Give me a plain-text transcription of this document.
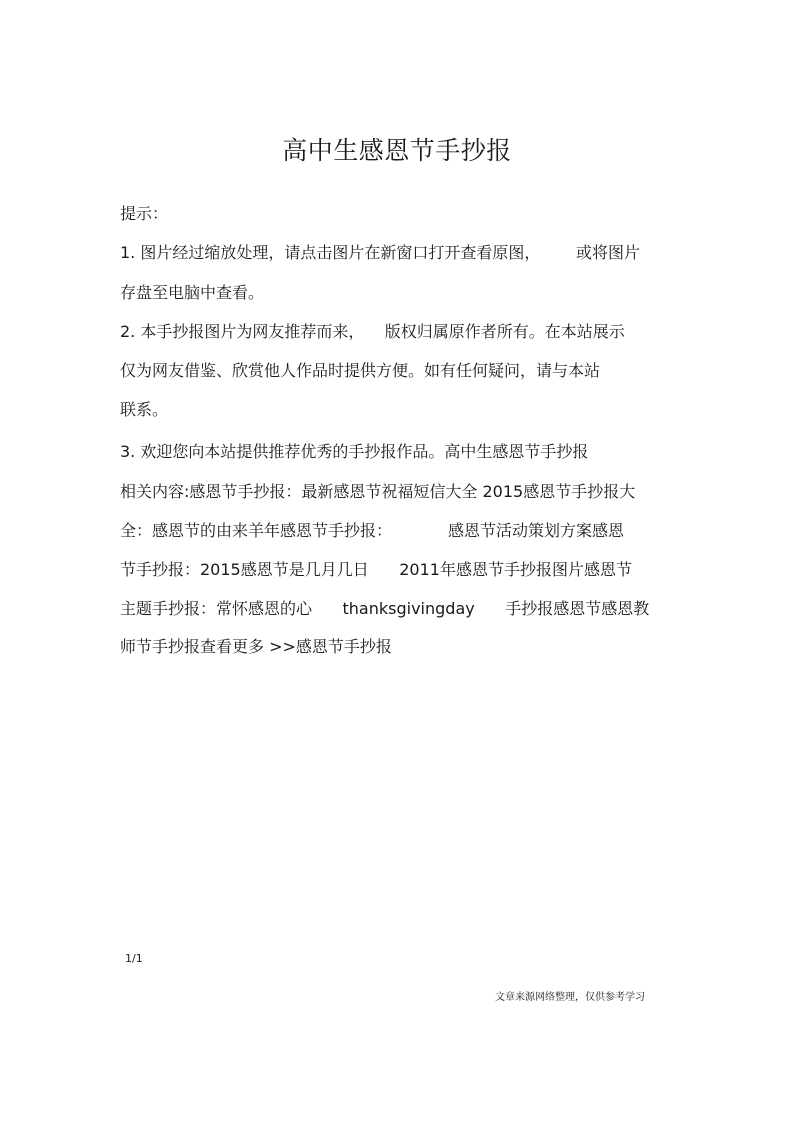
高中生感恩节手抄报
提示：
1. 图片经过缩放处理，请点击图片在新窗口打开查看原图，       或将图片
存盘至电脑中查看。
2. 本手抄报图片为网友推荐而来，    版权归属原作者所有。在本站展示
仅为网友借鉴、欣赏他人作品时提供方便。如有任何疑问，请与本站
联系。
3. 欢迎您向本站提供推荐优秀的手抄报作品。高中生感恩节手抄报
相关内容:感恩节手抄报：最新感恩节祝福短信大全 2015感恩节手抄报大
全：感恩节的由来羊年感恩节手抄报：           感恩节活动策划方案感恩
节手抄报：2015感恩节是几月几日      2011年感恩节手抄报图片感恩节
主题手抄报：常怀感恩的心      thanksgivingday      手抄报感恩节感恩教
师节手抄报查看更多 >>感恩节手抄报
1/1
文章来源网络整理，仅供参考学习
